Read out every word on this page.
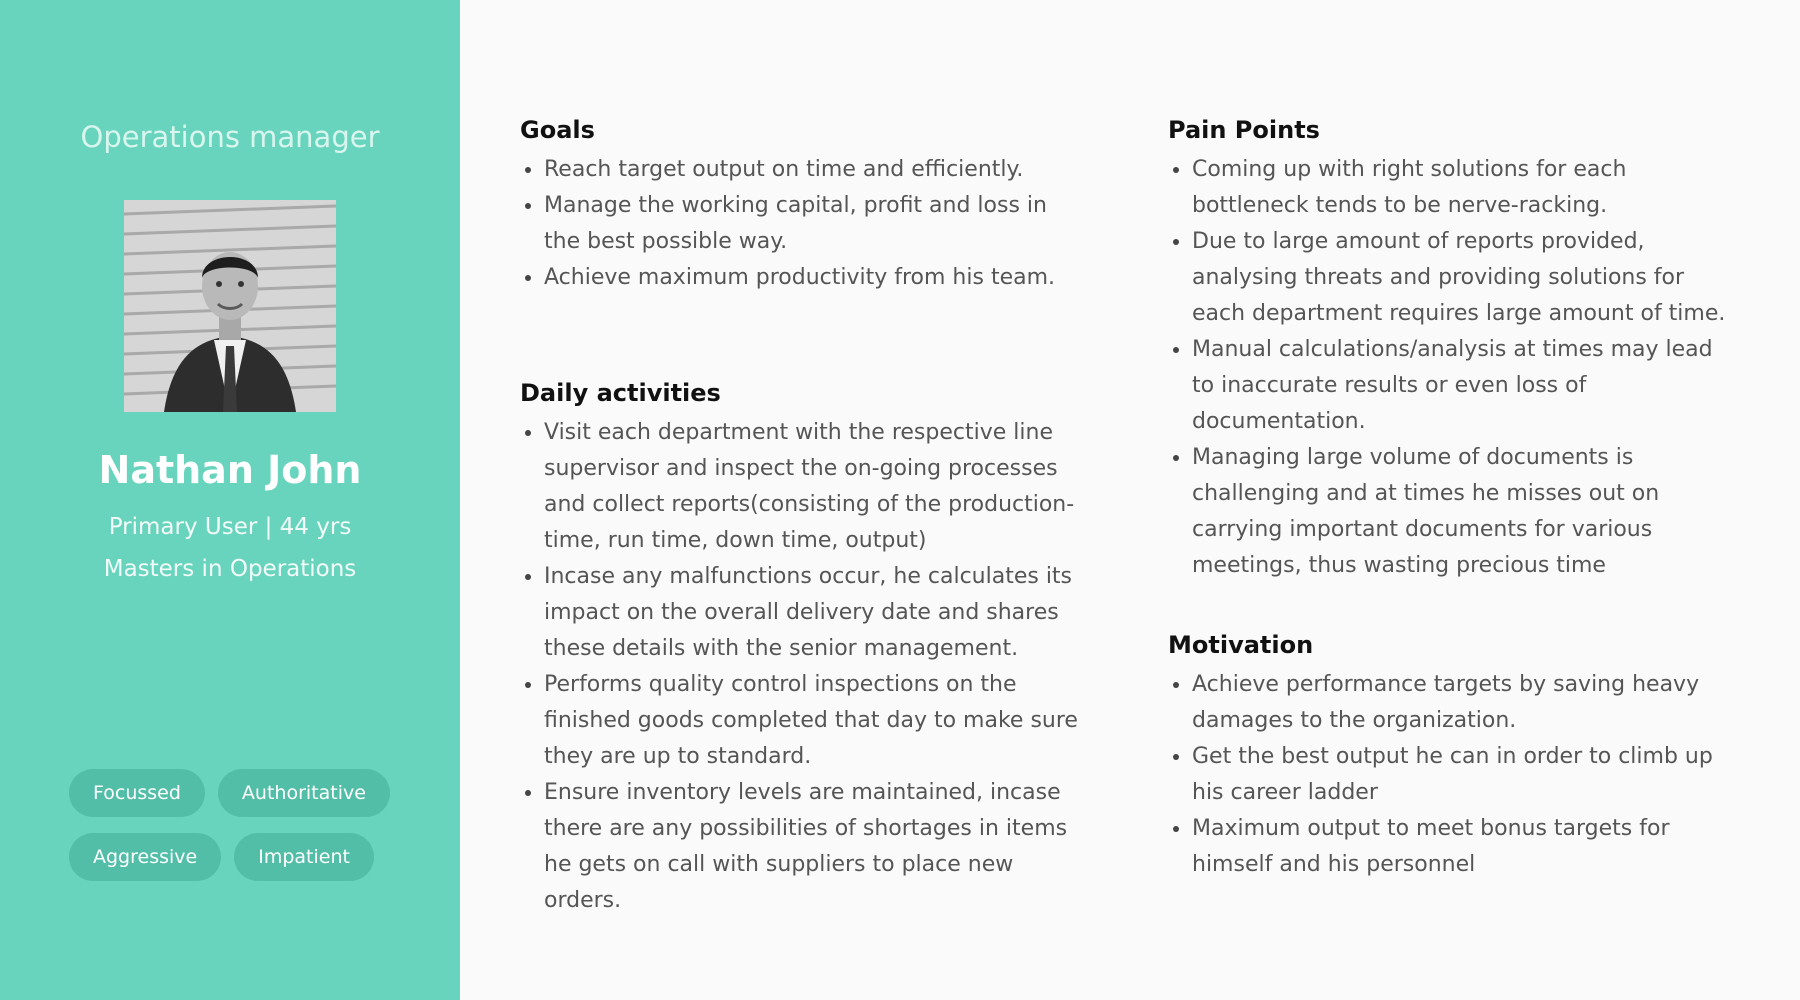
Operations manager
Nathan John
Primary User | 44 yrs
Masters in Operations
Focussed	Authoritative
Aggressive	Impatient
Goals
• Reach target output on time and efficiently.
• Manage the working capital, profit and loss in the best possible way.
• Achieve maximum productivity from his team.
Daily activities
• Visit each department with the respective line supervisor and inspect the on-going processes and collect reports(consisting of the production-time, run time, down time, output)
• Incase any malfunctions occur, he calculates its impact on the overall delivery date and shares these details with the senior management.
• Performs quality control inspections on the finished goods completed that day to make sure they are up to standard.
• Ensure inventory levels are maintained, incase there are any possibilities of shortages in items he gets on call with suppliers to place new orders.
Pain Points
• Coming up with right solutions for each bottleneck tends to be nerve-racking.
• Due to large amount of reports provided, analysing threats and providing solutions for each department requires large amount of time.
• Manual calculations/analysis at times may lead to inaccurate results or even loss of documentation.
• Managing large volume of documents is challenging and at times he misses out on carrying important documents for various meetings, thus wasting precious time
Motivation
• Achieve performance targets by saving heavy damages to the organization.
• Get the best output he can in order to climb up his career ladder
• Maximum output to meet bonus targets for himself and his personnel
